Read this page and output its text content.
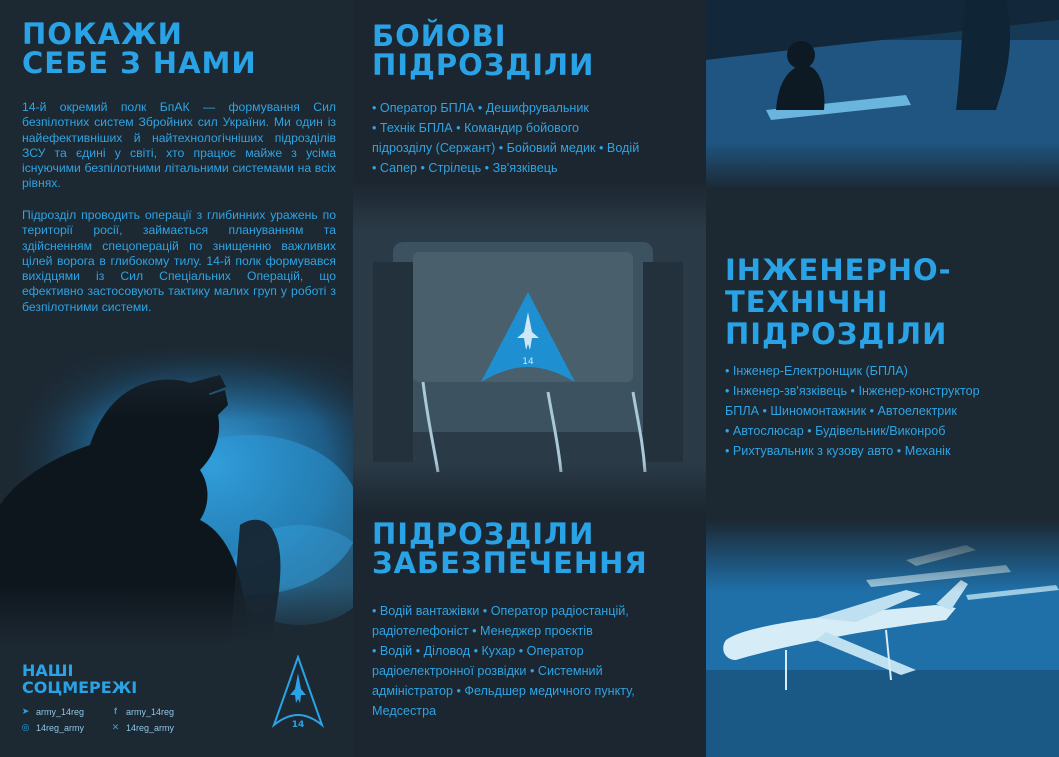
ПОКАЖИ
СЕБЕ З НАМИ

14-й окремий полк БпАК — формування Сил безпілотних систем Збройних сил України. Ми один із найефективніших й найтехнологічніших підрозділів ЗСУ та єдині у світі, хто працює майже з усіма існуючими безпілотними літальними системами на всіх рівнях.

Підрозділ проводить операції з глибинних уражень по території росії, займається плануванням та здійсненням спецоперацій по знищенню важливих цілей ворога в глибокому тилу. 14-й полк формувався вихідцями із Сил Спеціальних Операцій, що ефективно застосовують тактику малих груп у роботі з безпілотними системи.

НАШІ
СОЦМЕРЕЖІ
➤ army_14reg	f	army_14reg
◎ 14reg_army	✕ 14reg_army	14
БОЙОВІ
ПІДРОЗДІЛИ
• Оператор БПЛА • Дешифрувальник
• Технік БПЛА • Командир бойового
підрозділу (Сержант) • Бойовий медик • Водій
• Сапер • Стрілець • Зв'язківець
ПІДРОЗДІЛИ
ЗАБЕЗПЕЧЕННЯ
• Водій вантажівки • Оператор радіостанцій,
радіотелефоніст • Менеджер проєктів
• Водій • Діловод • Кухар • Оператор
радіоелектронної розвідки • Системний
адміністратор • Фельдшер медичного пункту,
Медсестра
ІНЖЕНЕРНО-
ТЕХНІЧНІ
ПІДРОЗДІЛИ
• Інженер-Електронщик (БПЛА)
• Інженер-зв'язківець • Інженер-конструктор
БПЛА • Шиномонтажник • Автоелектрик
• Автослюсар • Будівельник/Виконроб
• Рихтувальник з кузову авто • Механік
